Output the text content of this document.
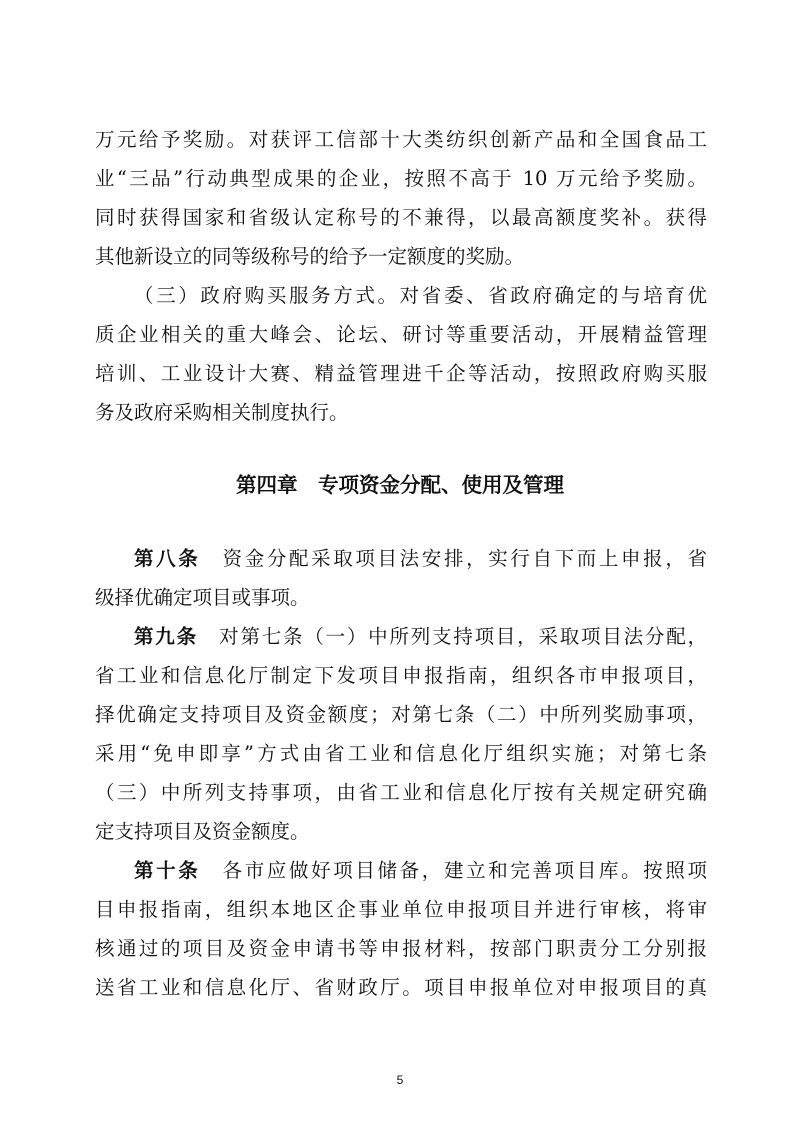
万元给予奖励。对获评工信部十大类纺织创新产品和全国食品工
业“三品”行动典型成果的企业，按照不高于 10 万元给予奖励。
同时获得国家和省级认定称号的不兼得，以最高额度奖补。获得
其他新设立的同等级称号的给予一定额度的奖励。
（三）政府购买服务方式。对省委、省政府确定的与培育优
质企业相关的重大峰会、论坛、研讨等重要活动，开展精益管理
培训、工业设计大赛、精益管理进千企等活动，按照政府购买服
务及政府采购相关制度执行。
第四章　专项资金分配、使用及管理
第八条　 资金分配采取项目法安排，实行自下而上申报，省
级择优确定项目或事项。
第九条　 对第七条（一）中所列支持项目，采取项目法分配，
省工业和信息化厅制定下发项目申报指南，组织各市申报项目，
择优确定支持项目及资金额度；对第七条（二）中所列奖励事项，
采用“免申即享”方式由省工业和信息化厅组织实施；对第七条
（三）中所列支持事项，由省工业和信息化厅按有关规定研究确
定支持项目及资金额度。
第十条　 各市应做好项目储备，建立和完善项目库。按照项
目申报指南，组织本地区企事业单位申报项目并进行审核，将审
核通过的项目及资金申请书等申报材料，按部门职责分工分别报
送省工业和信息化厅、省财政厅。项目申报单位对申报项目的真
5
